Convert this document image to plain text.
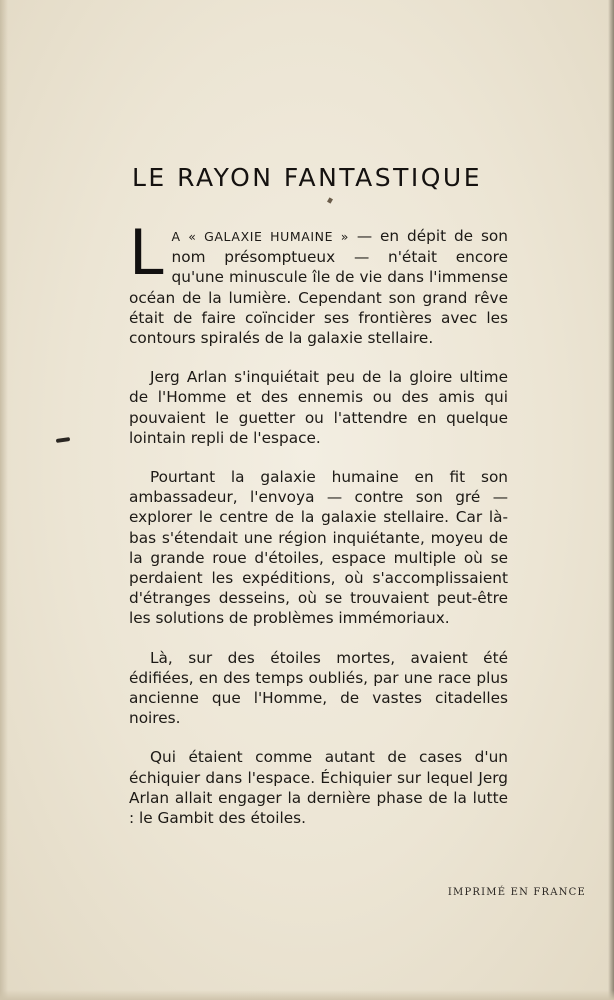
LE RAYON FANTASTIQUE

L A « GALAXIE HUMAINE » — en dépit de son nom présomptueux — n'était encore qu'une minuscule île de vie dans l'immense océan de la lumière. Cependant son grand rêve était de faire coïncider ses frontières avec les contours spiralés de la galaxie stellaire.

Jerg Arlan s'inquiétait peu de la gloire ultime de l'Homme et des ennemis ou des amis qui pouvaient le guetter ou l'attendre en quelque lointain repli de l'espace.

Pourtant la galaxie humaine en fit son ambassadeur, l'envoya — contre son gré — explorer le centre de la galaxie stellaire. Car là-bas s'étendait une région inquiétante, moyeu de la grande roue d'étoiles, espace multiple où se perdaient les expéditions, où s'accomplissaient d'étranges desseins, où se trouvaient peut-être les solutions de problèmes immémoriaux.

Là, sur des étoiles mortes, avaient été édifiées, en des temps oubliés, par une race plus ancienne que l'Homme, de vastes citadelles noires.

Qui étaient comme autant de cases d'un échiquier dans l'espace. Échiquier sur lequel Jerg Arlan allait engager la dernière phase de la lutte : le Gambit des étoiles.

IMPRIMÉ EN FRANCE
